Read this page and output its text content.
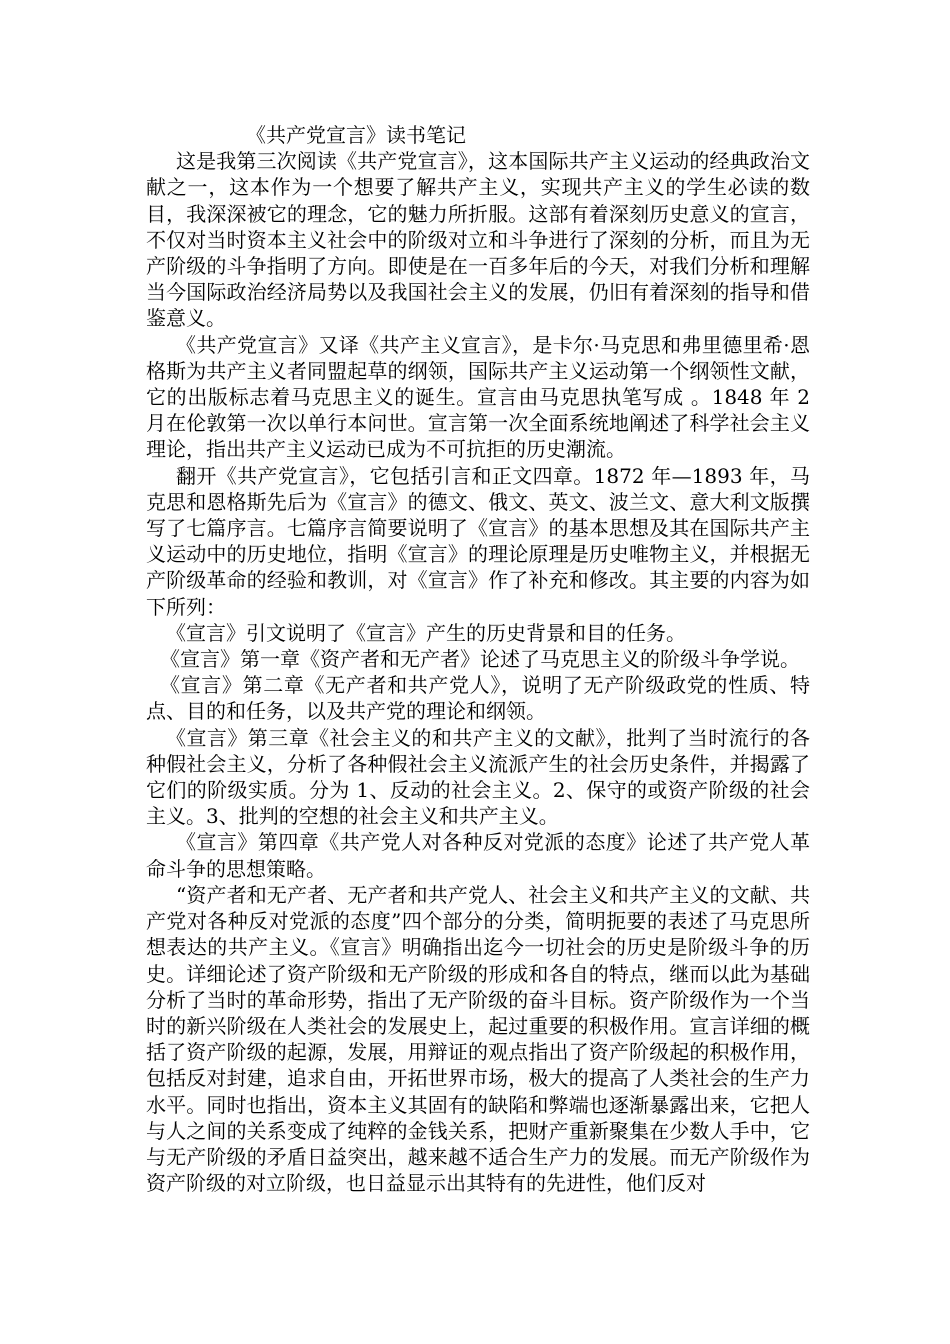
《共产党宣言》读书笔记

这是我第三次阅读《共产党宣言》，这本国际共产主义运动的经典政治文献之一，这本作为一个想要了解共产主义，实现共产主义的学生必读的数目，我深深被它的理念，它的魅力所折服。这部有着深刻历史意义的宣言，不仅对当时资本主义社会中的阶级对立和斗争进行了深刻的分析，而且为无产阶级的斗争指明了方向。即使是在一百多年后的今天，对我们分析和理解当今国际政治经济局势以及我国社会主义的发展，仍旧有着深刻的指导和借鉴意义。

《共产党宣言》又译《共产主义宣言》，是卡尔·马克思和弗里德里希·恩格斯为共产主义者同盟起草的纲领，国际共产主义运动第一个纲领性文献，它的出版标志着马克思主义的诞生。宣言由马克思执笔写成 。1848 年 2 月在伦敦第一次以单行本问世。宣言第一次全面系统地阐述了科学社会主义理论，指出共产主义运动已成为不可抗拒的历史潮流。

翻开《共产党宣言》，它包括引言和正文四章。1872 年—1893 年，马克思和恩格斯先后为《宣言》的德文、俄文、英文、波兰文、意大利文版撰写了七篇序言。七篇序言简要说明了《宣言》的基本思想及其在国际共产主义运动中的历史地位，指明《宣言》的理论原理是历史唯物主义，并根据无产阶级革命的经验和教训，对《宣言》作了补充和修改。其主要的内容为如下所列：

《宣言》引文说明了《宣言》产生的历史背景和目的任务。

《宣言》第一章《资产者和无产者》论述了马克思主义的阶级斗争学说。

《宣言》第二章《无产者和共产党人》，说明了无产阶级政党的性质、特点、目的和任务，以及共产党的理论和纲领。

《宣言》第三章《社会主义的和共产主义的文献》，批判了当时流行的各种假社会主义，分析了各种假社会主义流派产生的社会历史条件，并揭露了它们的阶级实质。分为 1、反动的社会主义。2、保守的或资产阶级的社会主义。3、批判的空想的社会主义和共产主义。

《宣言》第四章《共产党人对各种反对党派的态度》论述了共产党人革命斗争的思想策略。

“资产者和无产者、无产者和共产党人、社会主义和共产主义的文献、共产党对各种反对党派的态度”四个部分的分类，简明扼要的表述了马克思所想表达的共产主义。《宣言》明确指出迄今一切社会的历史是阶级斗争的历史。详细论述了资产阶级和无产阶级的形成和各自的特点，继而以此为基础分析了当时的革命形势，指出了无产阶级的奋斗目标。资产阶级作为一个当时的新兴阶级在人类社会的发展史上，起过重要的积极作用。宣言详细的概括了资产阶级的起源，发展，用辩证的观点指出了资产阶级起的积极作用，包括反对封建，追求自由，开拓世界市场，极大的提高了人类社会的生产力水平。同时也指出，资本主义其固有的缺陷和弊端也逐渐暴露出来，它把人与人之间的关系变成了纯粹的金钱关系，把财产重新聚集在少数人手中，它与无产阶级的矛盾日益突出，越来越不适合生产力的发展。而无产阶级作为资产阶级的对立阶级，也日益显示出其特有的先进性，他们反对
